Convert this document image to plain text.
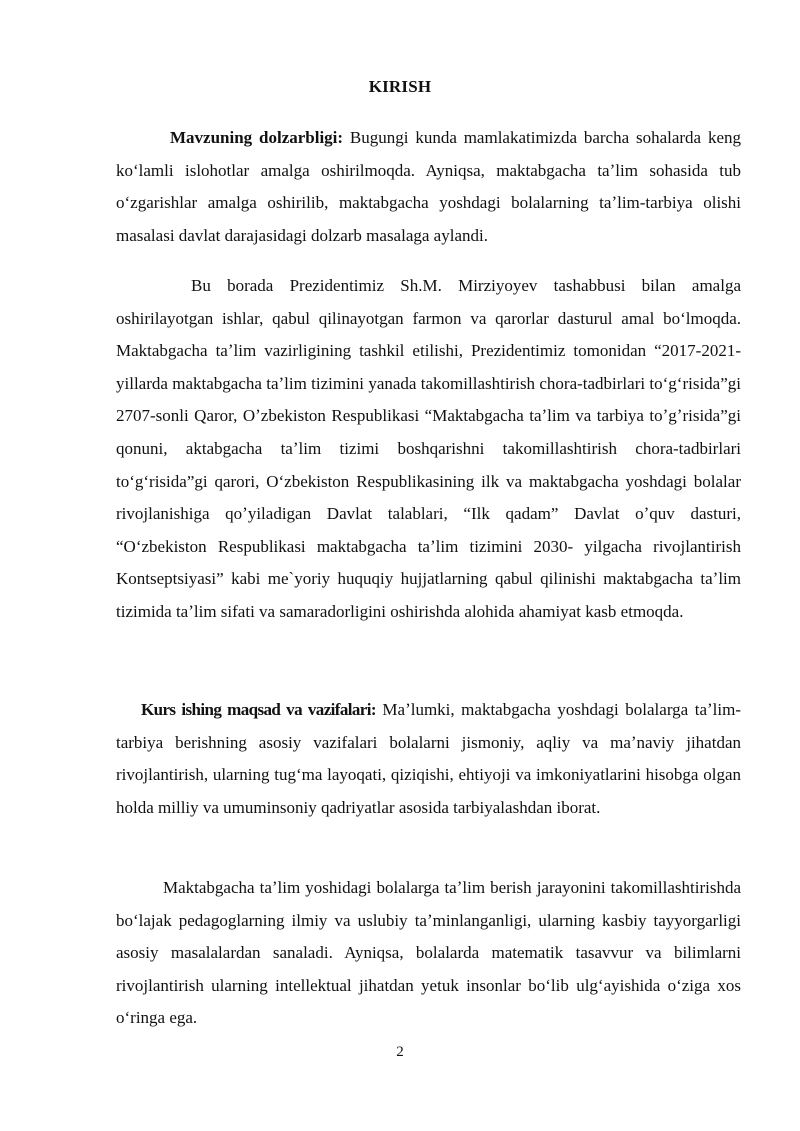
KIRISH

Mavzuning dolzarbligi: Bugungi kunda mamlakatimizda barcha sohalarda keng koʻlamli islohotlar amalga oshirilmoqda. Ayniqsa, maktabgacha taʼlim sohasida tub oʻzgarishlar amalga oshirilib, maktabgacha yoshdagi bolalarning taʼlim-tarbiya olishi masalasi davlat darajasidagi dolzarb masalaga aylandi.

Bu borada Prezidentimiz Sh.M. Mirziyoyev tashabbusi bilan amalga oshirilayotgan ishlar, qabul qilinayotgan farmon va qarorlar dasturul amal boʻlmoqda. Maktabgacha taʼlim vazirligining tashkil etilishi, Prezidentimiz tomonidan “2017-2021-yillarda maktabgacha taʼlim tizimini yanada takomillashtirish chora-tadbirlari toʻgʻrisida”gi 2707-sonli Qaror, Oʼzbekiston Respublikasi “Maktabgacha taʼlim va tarbiya toʼgʼrisida”gi qonuni, aktabgacha taʼlim tizimi boshqarishni takomillashtirish chora-tadbirlari toʻgʻrisida”gi qarori, Oʻzbekiston Respublikasining ilk va maktabgacha yoshdagi bolalar rivojlanishiga qoʼyiladigan Davlat talablari, “Ilk qadam” Davlat oʼquv dasturi, “Oʻzbekiston Respublikasi maktabgacha taʼlim tizimini 2030- yilgacha rivojlantirish Kontseptsiyasi” kabi me`yoriy huquqiy hujjatlarning qabul qilinishi maktabgacha taʼlim tizimida taʼlim sifati va samaradorligini oshirishda alohida ahamiyat kasb etmoqda.

Kurs ishing maqsad va vazifalari: Maʼlumki, maktabgacha yoshdagi bolalarga taʼlim-tarbiya berishning asosiy vazifalari bolalarni jismoniy, aqliy va maʼnaviy jihatdan rivojlantirish, ularning tugʻma layoqati, qiziqishi, ehtiyoji va imkoniyatlarini hisobga olgan holda milliy va umuminsoniy qadriyatlar asosida tarbiyalashdan iborat.

Maktabgacha taʼlim yoshidagi bolalarga taʼlim berish jarayonini takomillashtirishda boʻlajak pedagoglarning ilmiy va uslubiy taʼminlanganligi, ularning kasbiy tayyorgarligi asosiy masalalardan sanaladi. Ayniqsa, bolalarda matematik tasavvur va bilimlarni rivojlantirish ularning intellektual jihatdan yetuk insonlar boʻlib ulgʻayishida oʻziga xos oʻringa ega.

2
